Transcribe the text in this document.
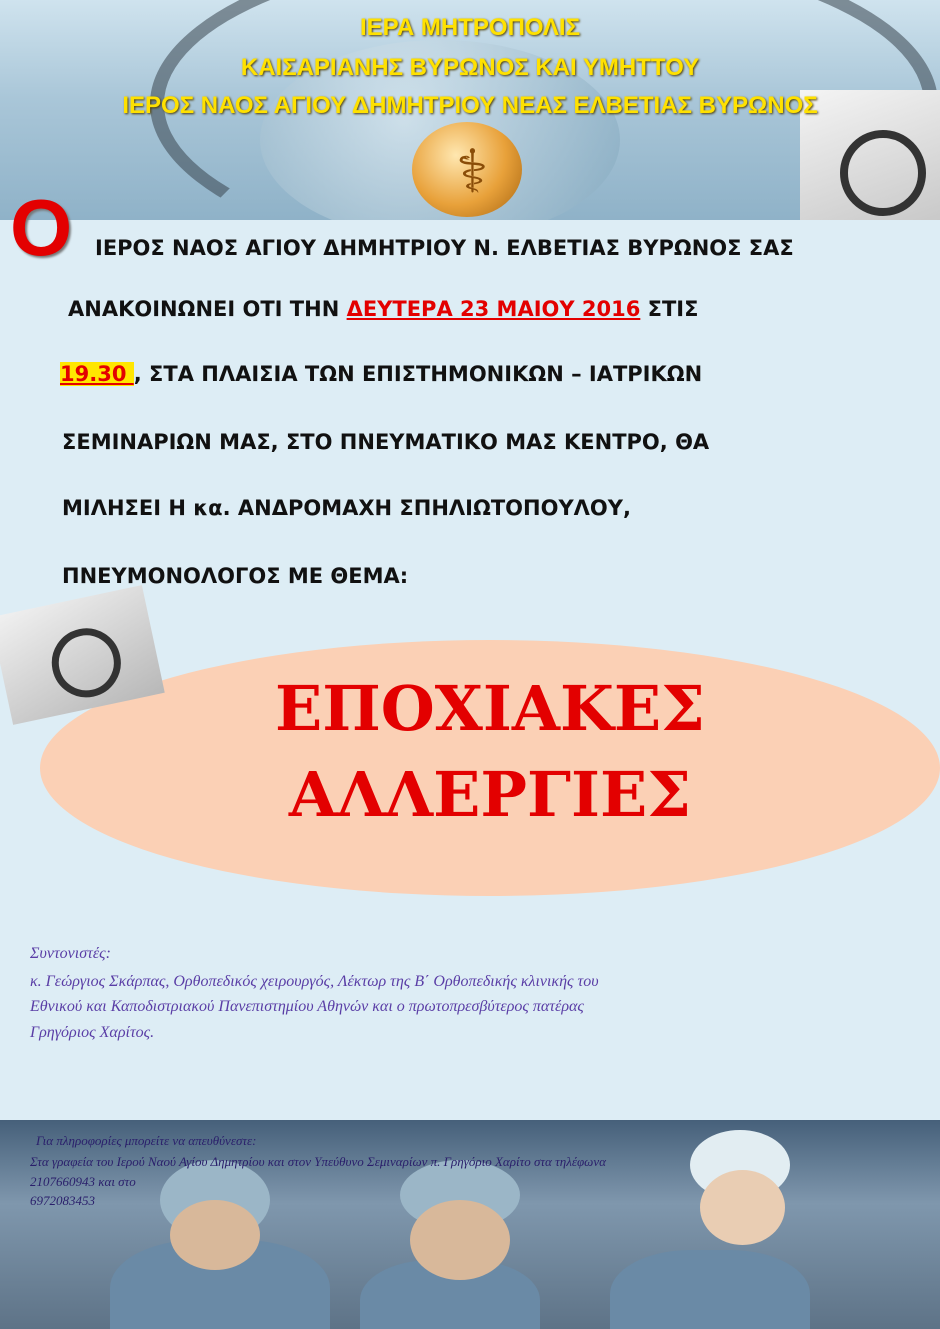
⚕
ΙΕΡΑ ΜΗΤΡΟΠΟΛΙΣ
ΚΑΙΣΑΡΙΑΝΗΣ ΒΥΡΩΝΟΣ ΚΑΙ ΥΜΗΤΤΟΥ
ΙΕΡΟΣ ΝΑΟΣ ΑΓΙΟΥ ΔΗΜΗΤΡΙΟΥ ΝΕΑΣ ΕΛΒΕΤΙΑΣ ΒΥΡΩΝΟΣ
Ο ΙΕΡΟΣ ΝΑΟΣ ΑΓΙΟΥ ΔΗΜΗΤΡΙΟΥ Ν. ΕΛΒΕΤΙΑΣ ΒΥΡΩΝΟΣ ΣΑΣ
ΑΝΑΚΟΙΝΩΝΕΙ ΟΤΙ ΤΗΝ ΔΕΥΤΕΡΑ 23 ΜΑΙΟΥ 2016 ΣΤΙΣ
19.30 , ΣΤΑ ΠΛΑΙΣΙΑ ΤΩΝ ΕΠΙΣΤΗΜΟΝΙΚΩΝ – ΙΑΤΡΙΚΩΝ
ΣΕΜΙΝΑΡΙΩΝ ΜΑΣ, ΣΤΟ ΠΝΕΥΜΑΤΙΚΟ ΜΑΣ ΚΕΝΤΡΟ, ΘΑ
ΜΙΛΗΣΕΙ Η κα. ΑΝΔΡΟΜΑΧΗ ΣΠΗΛΙΩΤΟΠΟΥΛΟΥ,
ΠΝΕΥΜΟΝΟΛΟΓΟΣ ΜΕ ΘΕΜΑ:
ΕΠΟΧΙΑΚΕΣ
ΑΛΛΕΡΓΙΕΣ
Συντονιστές:
κ. Γεώργιος Σκάρπας, Ορθοπεδικός χειρουργός, Λέκτωρ της Β΄ Ορθοπεδικής κλινικής του
Εθνικού και Καποδιστριακού Πανεπιστημίου Αθηνών και ο πρωτοπρεσβύτερος πατέρας
Γρηγόριος Χαρίτος.
Για πληροφορίες μπορείτε να απευθύνεστε:
Στα γραφεία του Ιερού Ναού Αγίου Δημητρίου και στον Υπεύθυνο Σεμιναρίων π. Γρηγόριο Χαρίτο στα τηλέφωνα
2107660943 και στο
6972083453
